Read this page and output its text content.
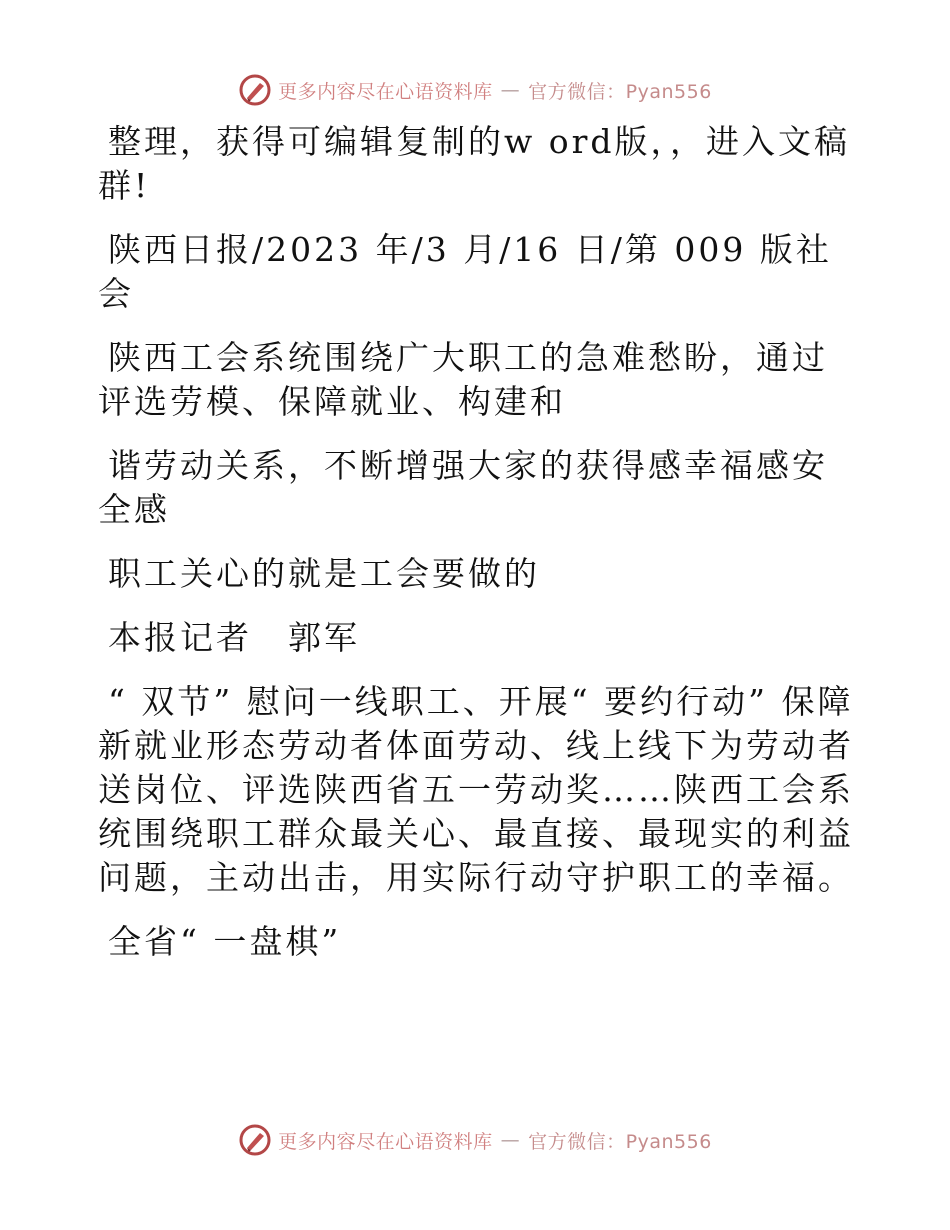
更多内容尽在心语资料库 — 官方微信：Pyan556

整理，获得可编辑复制的w ord版，，进入文稿群!

陕西日报/2023 年/3 月/16 日/第 009 版社会

陕西工会系统围绕广大职工的急难愁盼，通过评选劳模、保障就业、构建和

谐劳动关系，不断增强大家的获得感幸福感安全感

职工关心的就是工会要做的

本报记者　郭军

“ 双节” 慰问一线职工、开展“ 要约行动” 保障新就业形态劳动者体面劳动、线上线下为劳动者送岗位、评选陕西省五一劳动奖……陕西工会系统围绕职工群众最关心、最直接、最现实的利益问题，主动出击，用实际行动守护职工的幸福。

全省“ 一盘棋”

更多内容尽在心语资料库 — 官方微信：Pyan556
